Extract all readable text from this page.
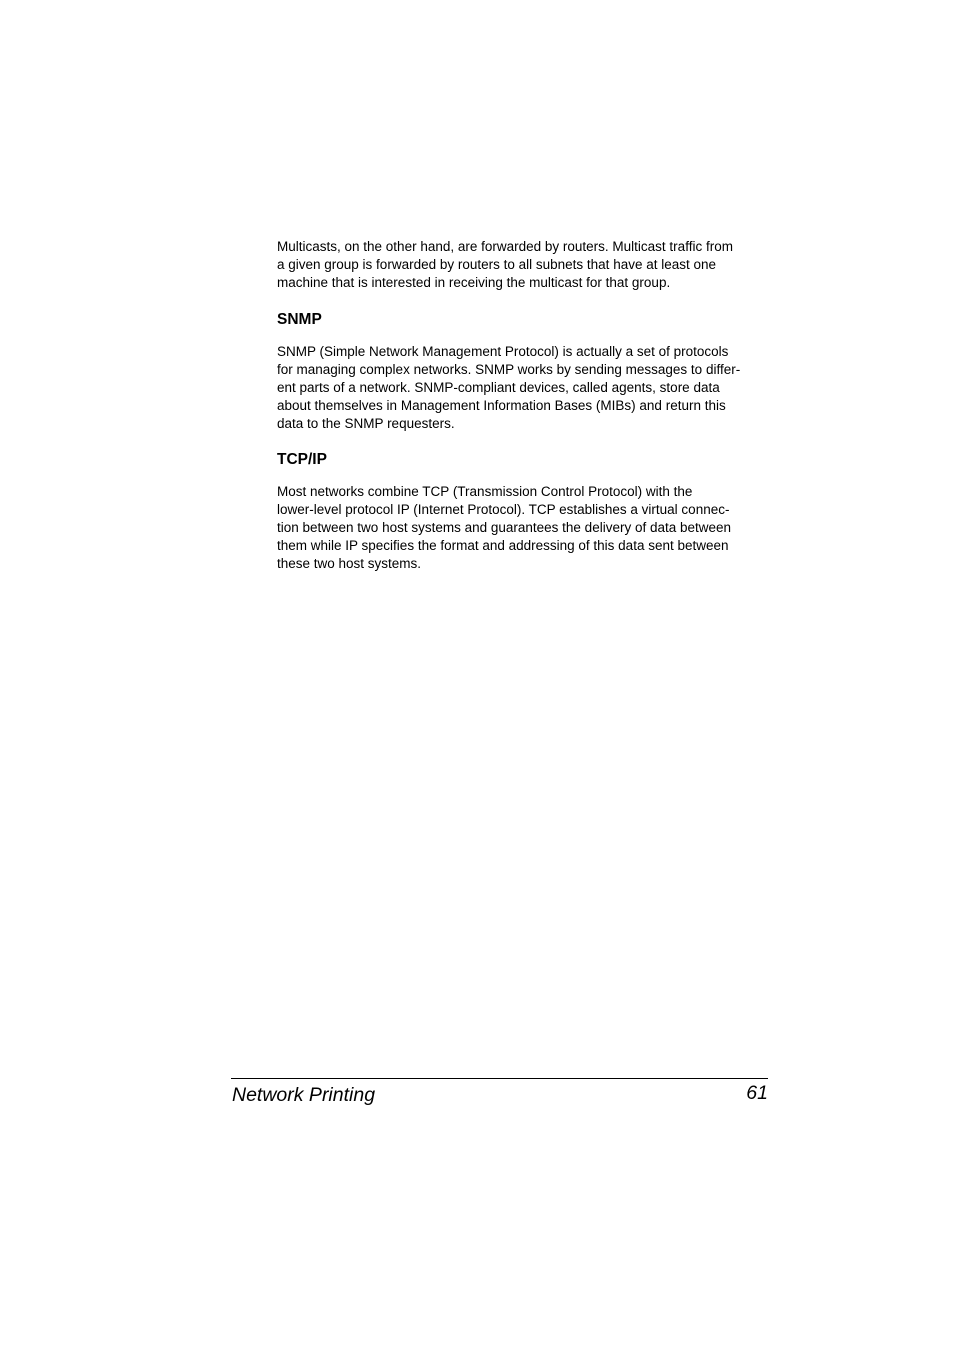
Multicasts, on the other hand, are forwarded by routers. Multicast traffic from
a given group is forwarded by routers to all subnets that have at least one
machine that is interested in receiving the multicast for that group.

SNMP

SNMP (Simple Network Management Protocol) is actually a set of protocols
for managing complex networks. SNMP works by sending messages to differ-
ent parts of a network. SNMP-compliant devices, called agents, store data
about themselves in Management Information Bases (MIBs) and return this
data to the SNMP requesters.

TCP/IP

Most networks combine TCP (Transmission Control Protocol) with the
lower-level protocol IP (Internet Protocol). TCP establishes a virtual connec-
tion between two host systems and guarantees the delivery of data between
them while IP specifies the format and addressing of this data sent between
these two host systems.

Network Printing	61
